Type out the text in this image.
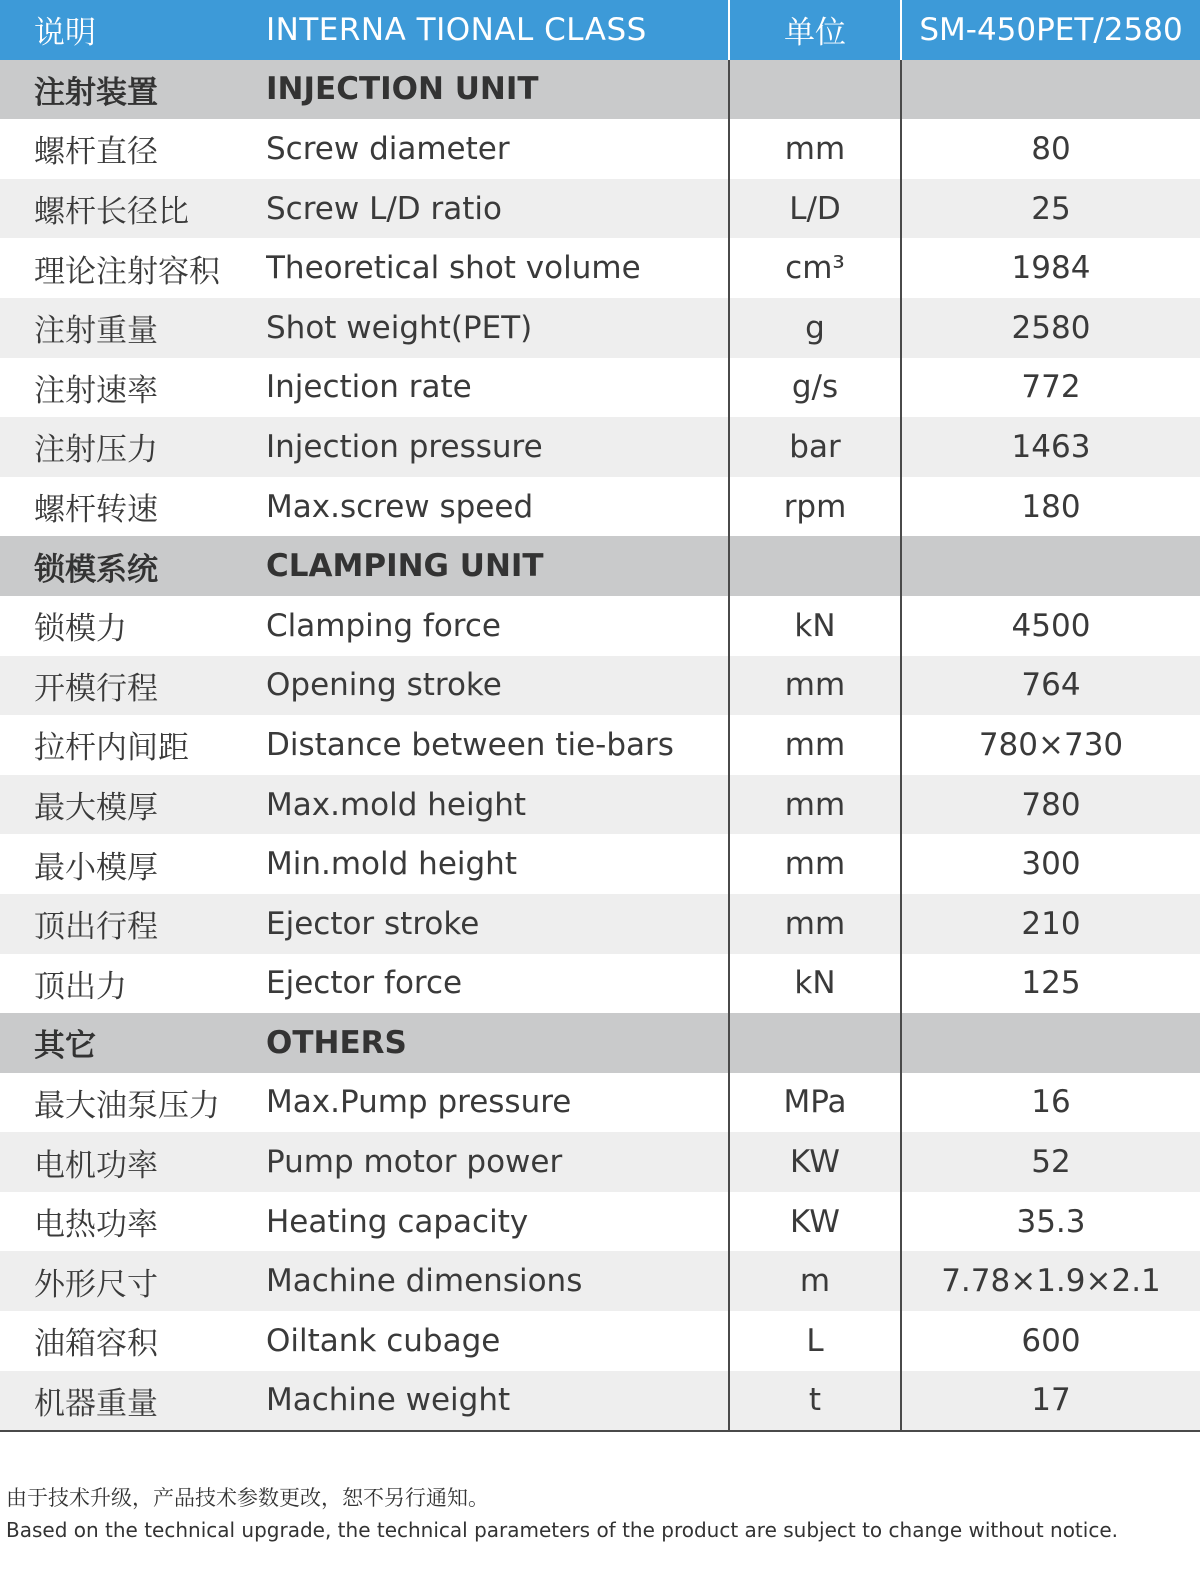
说明	INTERNA TIONAL CLASS	单位	SM-450PET/2580
注射装置	INJECTION UNIT		
螺杆直径	Screw diameter	mm	80
螺杆长径比	Screw L/D ratio	L/D	25
理论注射容积	Theoretical shot volume	cm³	1984
注射重量	Shot weight(PET)	g	2580
注射速率	Injection rate	g/s	772
注射压力	Injection pressure	bar	1463
螺杆转速	Max.screw speed	rpm	180
锁模系统	CLAMPING UNIT		
锁模力	Clamping force	kN	4500
开模行程	Opening stroke	mm	764
拉杆内间距	Distance between tie-bars	mm	780×730
最大模厚	Max.mold height	mm	780
最小模厚	Min.mold height	mm	300
顶出行程	Ejector stroke	mm	210
顶出力	Ejector force	kN	125
其它	OTHERS		
最大油泵压力	Max.Pump pressure	MPa	16
电机功率	Pump motor power	KW	52
电热功率	Heating capacity	KW	35.3
外形尺寸	Machine dimensions	m	7.78×1.9×2.1
油箱容积	Oiltank cubage	L	600
机器重量	Machine weight	t	17
由于技术升级，产品技术参数更改，恕不另行通知。
Based on the technical upgrade, the technical parameters of the product are subject to change without notice.
